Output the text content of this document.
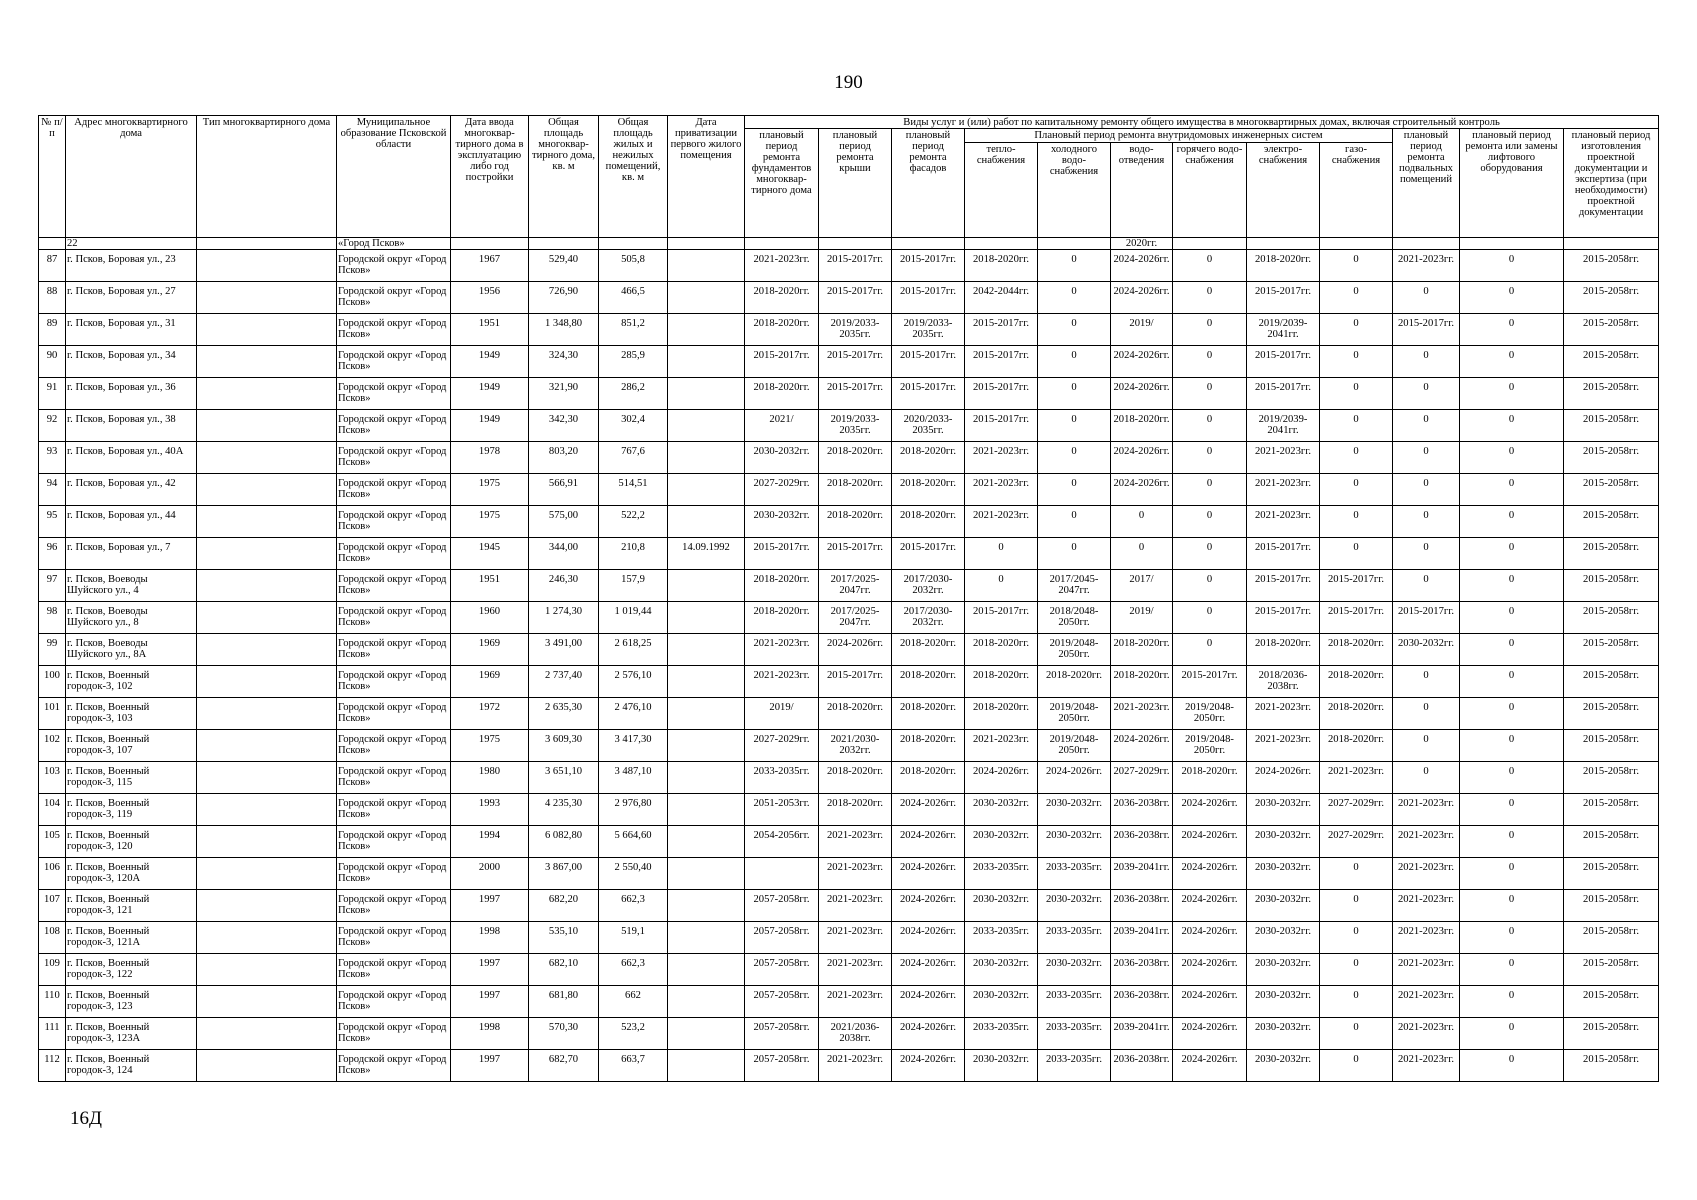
190
№ п/п	Адрес многоквартирного дома	Тип многоквартирного дома	Муниципальное образование Псковской области	Дата ввода многоквар-тирного дома в эксплуатацию либо год постройки	Общая площадь многоквар-тирного дома, кв. м	Общая площадь жилых и нежилых помещений, кв. м	Дата приватизации первого жилого помещения	Виды услуг и (или) работ по капитальному ремонту общего имущества в многоквартирных домах, включая строительный контроль											
								плановый период ремонта фундаментов многоквар-тирного дома	плановый период ремонта крыши	плановый период ремонта фасадов	Плановый период ремонта внутридомовых инженерных систем						плановый период ремонта подвальных помещений	плановый период ремонта или замены лифтового оборудования	плановый период изготовления проектной документации и экспертиза (при необходимости) проектной документации
											тепло-снабжения	холодного водо-снабжения	водо-отведения	горячего водо-снабжения	электро-снабжения	газо-снабжения			
	22		«Город Псков»										2020гг.						
87	г. Псков, Боровая ул., 23		Городской округ «Город Псков»	1967	529,40	505,8		2021-2023гг.	2015-2017гг.	2015-2017гг.	2018-2020гг.	0	2024-2026гг.	0	2018-2020гг.	0	2021-2023гг.	0	2015-2058гг.
88	г. Псков, Боровая ул., 27		Городской округ «Город Псков»	1956	726,90	466,5		2018-2020гг.	2015-2017гг.	2015-2017гг.	2042-2044гг.	0	2024-2026гг.	0	2015-2017гг.	0	0	0	2015-2058гг.
89	г. Псков, Боровая ул., 31		Городской округ «Город Псков»	1951	1 348,80	851,2		2018-2020гг.	2019/2033-2035гг.	2019/2033-2035гг.	2015-2017гг.	0	2019/	0	2019/2039-2041гг.	0	2015-2017гг.	0	2015-2058гг.
90	г. Псков, Боровая ул., 34		Городской округ «Город Псков»	1949	324,30	285,9		2015-2017гг.	2015-2017гг.	2015-2017гг.	2015-2017гг.	0	2024-2026гг.	0	2015-2017гг.	0	0	0	2015-2058гг.
91	г. Псков, Боровая ул., 36		Городской округ «Город Псков»	1949	321,90	286,2		2018-2020гг.	2015-2017гг.	2015-2017гг.	2015-2017гг.	0	2024-2026гг.	0	2015-2017гг.	0	0	0	2015-2058гг.
92	г. Псков, Боровая ул., 38		Городской округ «Город Псков»	1949	342,30	302,4		2021/	2019/2033-2035гг.	2020/2033-2035гг.	2015-2017гг.	0	2018-2020гг.	0	2019/2039-2041гг.	0	0	0	2015-2058гг.
93	г. Псков, Боровая ул., 40А		Городской округ «Город Псков»	1978	803,20	767,6		2030-2032гг.	2018-2020гг.	2018-2020гг.	2021-2023гг.	0	2024-2026гг.	0	2021-2023гг.	0	0	0	2015-2058гг.
94	г. Псков, Боровая ул., 42		Городской округ «Город Псков»	1975	566,91	514,51		2027-2029гг.	2018-2020гг.	2018-2020гг.	2021-2023гг.	0	2024-2026гг.	0	2021-2023гг.	0	0	0	2015-2058гг.
95	г. Псков, Боровая ул., 44		Городской округ «Город Псков»	1975	575,00	522,2		2030-2032гг.	2018-2020гг.	2018-2020гг.	2021-2023гг.	0	0	0	2021-2023гг.	0	0	0	2015-2058гг.
96	г. Псков, Боровая ул., 7		Городской округ «Город Псков»	1945	344,00	210,8	14.09.1992	2015-2017гг.	2015-2017гг.	2015-2017гг.	0	0	0	0	2015-2017гг.	0	0	0	2015-2058гг.
97	г. Псков, Воеводы Шуйского ул., 4		Городской округ «Город Псков»	1951	246,30	157,9		2018-2020гг.	2017/2025-2047гг.	2017/2030-2032гг.	0	2017/2045-2047гг.	2017/	0	2015-2017гг.	2015-2017гг.	0	0	2015-2058гг.
98	г. Псков, Воеводы Шуйского ул., 8		Городской округ «Город Псков»	1960	1 274,30	1 019,44		2018-2020гг.	2017/2025-2047гг.	2017/2030-2032гг.	2015-2017гг.	2018/2048-2050гг.	2019/	0	2015-2017гг.	2015-2017гг.	2015-2017гг.	0	2015-2058гг.
99	г. Псков, Воеводы Шуйского ул., 8А		Городской округ «Город Псков»	1969	3 491,00	2 618,25		2021-2023гг.	2024-2026гг.	2018-2020гг.	2018-2020гг.	2019/2048-2050гг.	2018-2020гг.	0	2018-2020гг.	2018-2020гг.	2030-2032гг.	0	2015-2058гг.
100	г. Псков, Военный городок-3, 102		Городской округ «Город Псков»	1969	2 737,40	2 576,10		2021-2023гг.	2015-2017гг.	2018-2020гг.	2018-2020гг.	2018-2020гг.	2018-2020гг.	2015-2017гг.	2018/2036-2038гг.	2018-2020гг.	0	0	2015-2058гг.
101	г. Псков, Военный городок-3, 103		Городской округ «Город Псков»	1972	2 635,30	2 476,10		2019/	2018-2020гг.	2018-2020гг.	2018-2020гг.	2019/2048-2050гг.	2021-2023гг.	2019/2048-2050гг.	2021-2023гг.	2018-2020гг.	0	0	2015-2058гг.
102	г. Псков, Военный городок-3, 107		Городской округ «Город Псков»	1975	3 609,30	3 417,30		2027-2029гг.	2021/2030-2032гг.	2018-2020гг.	2021-2023гг.	2019/2048-2050гг.	2024-2026гг.	2019/2048-2050гг.	2021-2023гг.	2018-2020гг.	0	0	2015-2058гг.
103	г. Псков, Военный городок-3, 115		Городской округ «Город Псков»	1980	3 651,10	3 487,10		2033-2035гг.	2018-2020гг.	2018-2020гг.	2024-2026гг.	2024-2026гг.	2027-2029гг.	2018-2020гг.	2024-2026гг.	2021-2023гг.	0	0	2015-2058гг.
104	г. Псков, Военный городок-3, 119		Городской округ «Город Псков»	1993	4 235,30	2 976,80		2051-2053гг.	2018-2020гг.	2024-2026гг.	2030-2032гг.	2030-2032гг.	2036-2038гг.	2024-2026гг.	2030-2032гг.	2027-2029гг.	2021-2023гг.	0	2015-2058гг.
105	г. Псков, Военный городок-3, 120		Городской округ «Город Псков»	1994	6 082,80	5 664,60		2054-2056гг.	2021-2023гг.	2024-2026гг.	2030-2032гг.	2030-2032гг.	2036-2038гг.	2024-2026гг.	2030-2032гг.	2027-2029гг.	2021-2023гг.	0	2015-2058гг.
106	г. Псков, Военный городок-3, 120А		Городской округ «Город Псков»	2000	3 867,00	2 550,40			2021-2023гг.	2024-2026гг.	2033-2035гг.	2033-2035гг.	2039-2041гг.	2024-2026гг.	2030-2032гг.	0	2021-2023гг.	0	2015-2058гг.
107	г. Псков, Военный городок-3, 121		Городской округ «Город Псков»	1997	682,20	662,3		2057-2058гг.	2021-2023гг.	2024-2026гг.	2030-2032гг.	2030-2032гг.	2036-2038гг.	2024-2026гг.	2030-2032гг.	0	2021-2023гг.	0	2015-2058гг.
108	г. Псков, Военный городок-3, 121А		Городской округ «Город Псков»	1998	535,10	519,1		2057-2058гг.	2021-2023гг.	2024-2026гг.	2033-2035гг.	2033-2035гг.	2039-2041гг.	2024-2026гг.	2030-2032гг.	0	2021-2023гг.	0	2015-2058гг.
109	г. Псков, Военный городок-3, 122		Городской округ «Город Псков»	1997	682,10	662,3		2057-2058гг.	2021-2023гг.	2024-2026гг.	2030-2032гг.	2030-2032гг.	2036-2038гг.	2024-2026гг.	2030-2032гг.	0	2021-2023гг.	0	2015-2058гг.
110	г. Псков, Военный городок-3, 123		Городской округ «Город Псков»	1997	681,80	662		2057-2058гг.	2021-2023гг.	2024-2026гг.	2030-2032гг.	2033-2035гг.	2036-2038гг.	2024-2026гг.	2030-2032гг.	0	2021-2023гг.	0	2015-2058гг.
111	г. Псков, Военный городок-3, 123А		Городской округ «Город Псков»	1998	570,30	523,2		2057-2058гг.	2021/2036-2038гг.	2024-2026гг.	2033-2035гг.	2033-2035гг.	2039-2041гг.	2024-2026гг.	2030-2032гг.	0	2021-2023гг.	0	2015-2058гг.
112	г. Псков, Военный городок-3, 124		Городской округ «Город Псков»	1997	682,70	663,7		2057-2058гг.	2021-2023гг.	2024-2026гг.	2030-2032гг.	2033-2035гг.	2036-2038гг.	2024-2026гг.	2030-2032гг.	0	2021-2023гг.	0	2015-2058гг.
16Д
